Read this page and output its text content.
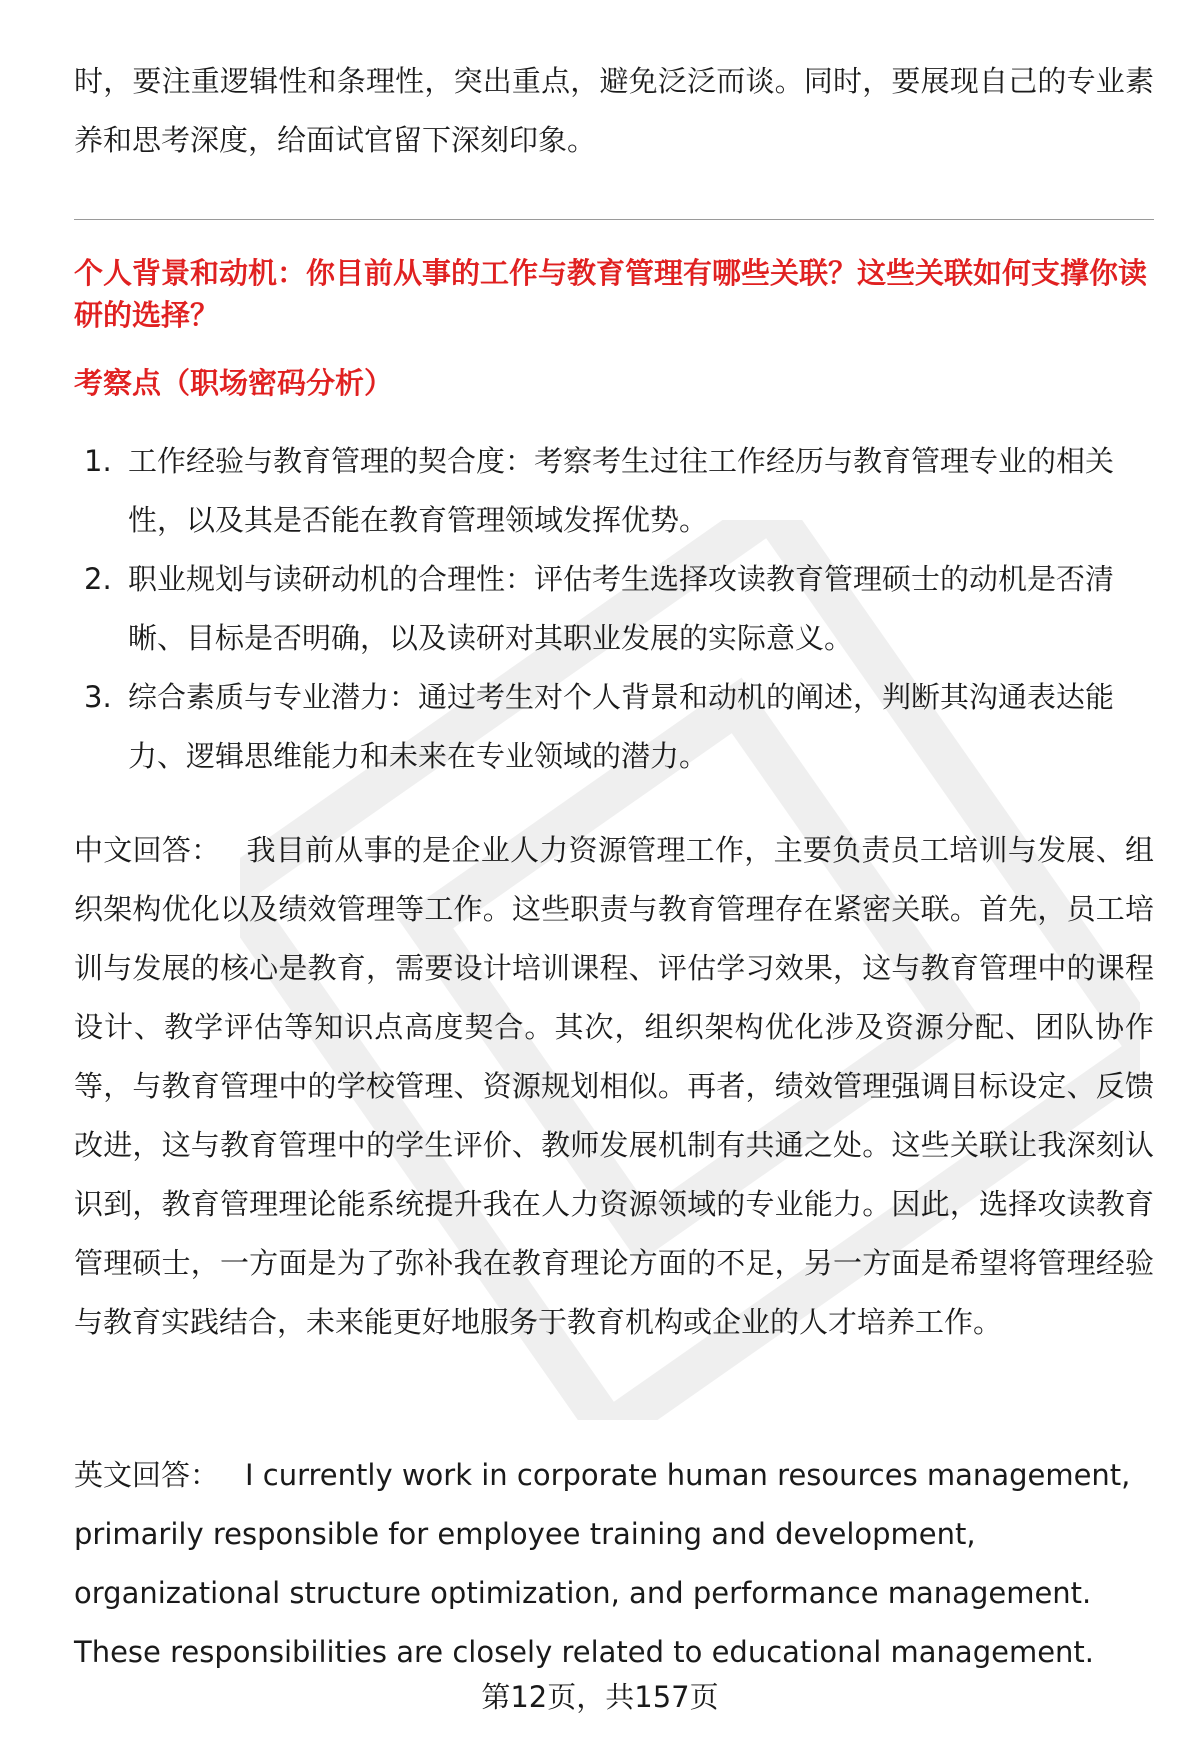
时，要注重逻辑性和条理性，突出重点，避免泛泛而谈。同时，要展现自己的专业素养和思考深度，给面试官留下深刻印象。

个人背景和动机：你目前从事的工作与教育管理有哪些关联？这些关联如何支撑你读研的选择？

考察点（职场密码分析）

1. 工作经验与教育管理的契合度：考察考生过往工作经历与教育管理专业的相关性，以及其是否能在教育管理领域发挥优势。
2. 职业规划与读研动机的合理性：评估考生选择攻读教育管理硕士的动机是否清晰、目标是否明确，以及读研对其职业发展的实际意义。
3. 综合素质与专业潜力：通过考生对个人背景和动机的阐述，判断其沟通表达能力、逻辑思维能力和未来在专业领域的潜力。

中文回答： 我目前从事的是企业人力资源管理工作，主要负责员工培训与发展、组织架构优化以及绩效管理等工作。这些职责与教育管理存在紧密关联。首先，员工培训与发展的核心是教育，需要设计培训课程、评估学习效果，这与教育管理中的课程设计、教学评估等知识点高度契合。其次，组织架构优化涉及资源分配、团队协作等，与教育管理中的学校管理、资源规划相似。再者，绩效管理强调目标设定、反馈改进，这与教育管理中的学生评价、教师发展机制有共通之处。这些关联让我深刻认识到，教育管理理论能系统提升我在人力资源领域的专业能力。因此，选择攻读教育管理硕士，一方面是为了弥补我在教育理论方面的不足，另一方面是希望将管理经验与教育实践结合，未来能更好地服务于教育机构或企业的人才培养工作。

英文回答： I currently work in corporate human resources management, primarily responsible for employee training and development, organizational structure optimization, and performance management. These responsibilities are closely related to educational management.

第12页，共157页
